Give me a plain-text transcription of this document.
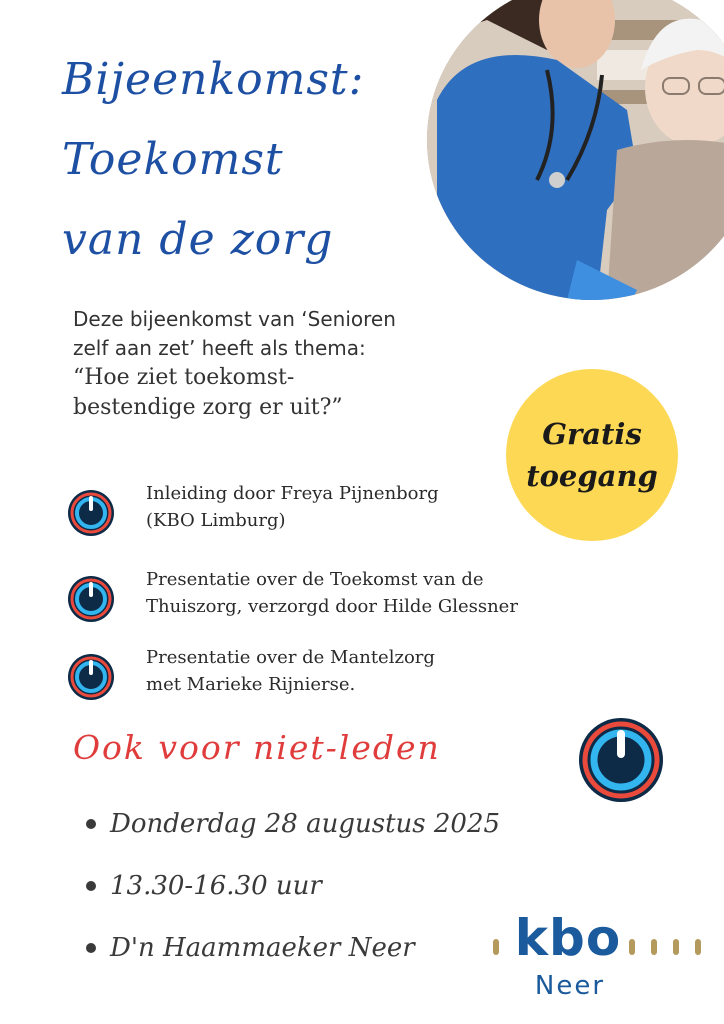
Bijeenkomst:
Toekomst
van de zorg

Deze bijeenkomst van ‘Senioren
zelf aan zet’ heeft als thema:
“Hoe ziet toekomst-
bestendige zorg er uit?”

Gratis
toegang
Inleiding door Freya Pijnenborg
(KBO Limburg)
Presentatie over de Toekomst van de
Thuiszorg, verzorgd door Hilde Glessner
Presentatie over de Mantelzorg
met Marieke Rijnierse.
Ook voor niet-leden
Donderdag 28 augustus 2025
13.30-16.30 uur
D'n Haammaeker Neer	kbo
Neer
